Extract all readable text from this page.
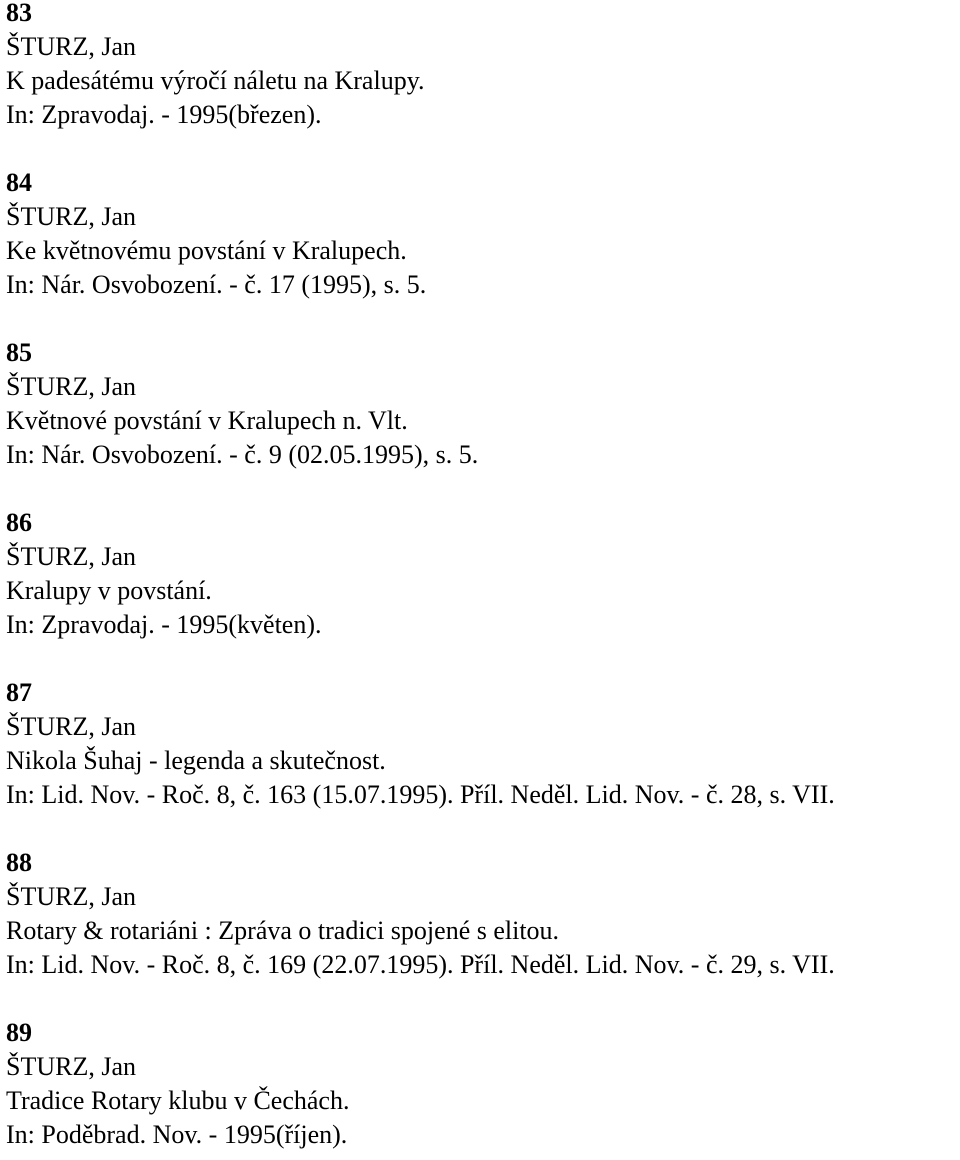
83
ŠTURZ, Jan
K padesátému výročí náletu na Kralupy.
In: Zpravodaj. - 1995(březen).
84
ŠTURZ, Jan
Ke květnovému povstání v Kralupech.
In: Nár. Osvobození. - č. 17 (1995), s. 5.
85
ŠTURZ, Jan
Květnové povstání v Kralupech n. Vlt.
In: Nár. Osvobození. - č. 9 (02.05.1995), s. 5.
86
ŠTURZ, Jan
Kralupy v povstání.
In: Zpravodaj. - 1995(květen).
87
ŠTURZ, Jan
Nikola Šuhaj - legenda a skutečnost.
In: Lid. Nov. - Roč. 8, č. 163 (15.07.1995). Příl. Neděl. Lid. Nov. - č. 28, s. VII.
88
ŠTURZ, Jan
Rotary & rotariáni : Zpráva o tradici spojené s elitou.
In: Lid. Nov. - Roč. 8, č. 169 (22.07.1995). Příl. Neděl. Lid. Nov. - č. 29, s. VII.
89
ŠTURZ, Jan
Tradice Rotary klubu v Čechách.
In: Poděbrad. Nov. - 1995(říjen).
